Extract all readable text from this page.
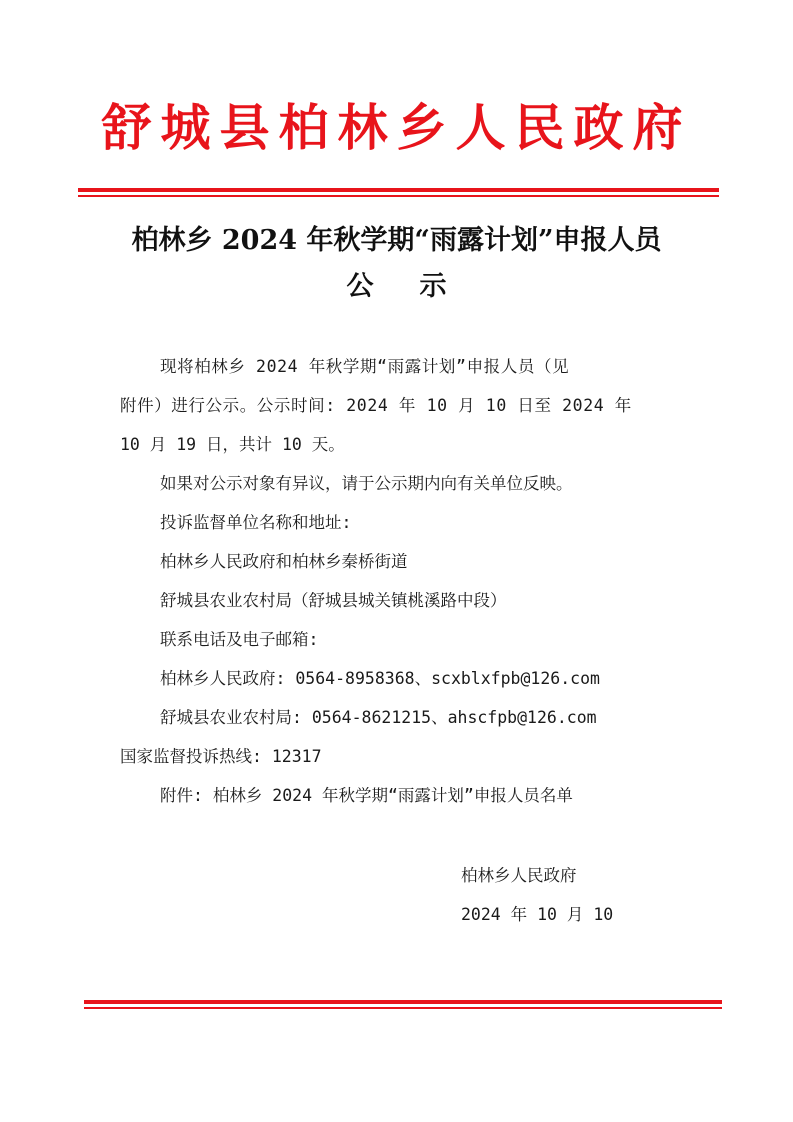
舒城县柏林乡人民政府
柏林乡 2024 年秋学期“雨露计划”申报人员
公示
现将柏林乡 2024 年秋学期“雨露计划”申报人员（见
附件）进行公示。公示时间: 2024 年 10 月 10 日至 2024 年
10 月 19 日，共计 10 天。
如果对公示对象有异议，请于公示期内向有关单位反映。
投诉监督单位名称和地址:
柏林乡人民政府和柏林乡秦桥街道
舒城县农业农村局（舒城县城关镇桃溪路中段）
联系电话及电子邮箱:
柏林乡人民政府: 0564-8958368、scxblxfpb@126.com
舒城县农业农村局: 0564-8621215、ahscfpb@126.com
国家监督投诉热线: 12317
附件: 柏林乡 2024 年秋学期“雨露计划”申报人员名单
柏林乡人民政府
2024 年 10 月 10
